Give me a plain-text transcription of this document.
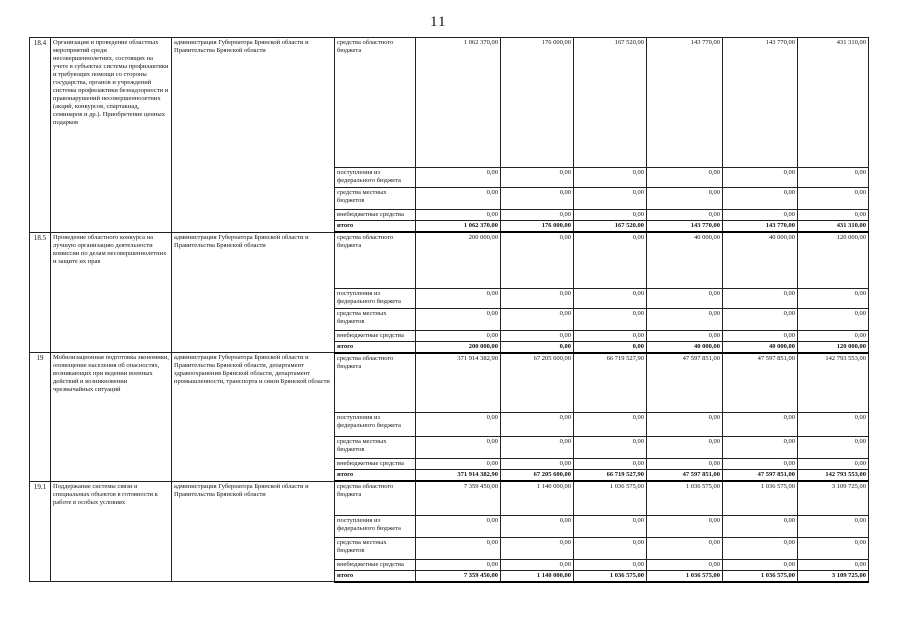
11
18.4	Организация и проведение областных мероприятий среди несовершеннолетних, состоящих на учете в субъектах системы профилактики и требующих помощи со стороны государства, органов и учреждений системы профилактики безнадзорности и правонарушений несовершеннолетних (акций, конкурсов, спартакиад, семинаров и др.). Приобретение ценных подарков	администрация Губернатора Брянской области и Правительства Брянской области	средства областного бюджета	1 062 370,00	176 000,00	167 520,00	143 770,00	143 770,00	431 310,00
			поступления из федерального бюджета	0,00	0,00	0,00	0,00	0,00	0,00
			средства местных бюджетов	0,00	0,00	0,00	0,00	0,00	0,00
			внебюджетные средства	0,00	0,00	0,00	0,00	0,00	0,00
			итого	1 062 370,00	176 000,00	167 520,00	143 770,00	143 770,00	431 310,00
18.5	Проведение областного конкурса на лучшую организацию деятельности комиссии по делам несовершеннолетних и защите их прав	администрация Губернатора Брянской области и Правительства Брянской области	средства областного бюджета	200 000,00	0,00	0,00	40 000,00	40 000,00	120 000,00
			поступления из федерального бюджета	0,00	0,00	0,00	0,00	0,00	0,00
			средства местных бюджетов	0,00	0,00	0,00	0,00	0,00	0,00
			внебюджетные средства	0,00	0,00	0,00	0,00	0,00	0,00
			итого	200 000,00	0,00	0,00	40 000,00	40 000,00	120 000,00
19	Мобилизационная подготовка экономики, оповещение населения об опасностях, возникающих при ведении военных действий и возникновении чрезвычайных ситуаций	администрация Губернатора Брянской области и Правительства Брянской области, департамент здравоохранения Брянской области, департамент промышленности, транспорта и связи Брянской области	средства областного бюджета	371 914 382,90	67 205 600,00	66 719 527,90	47 597 851,00	47 597 851,00	142 793 553,00
			поступления из федерального бюджета	0,00	0,00	0,00	0,00	0,00	0,00
			средства местных бюджетов	0,00	0,00	0,00	0,00	0,00	0,00
			внебюджетные средства	0,00	0,00	0,00	0,00	0,00	0,00
			итого	371 914 382,90	67 205 600,00	66 719 527,90	47 597 851,00	47 597 851,00	142 793 553,00
19.1	Поддержание системы связи и специальных объектов в готовности к работе в особых условиях	администрация Губернатора Брянской области и Правительства Брянской области	средства областного бюджета	7 359 450,00	1 140 000,00	1 036 575,00	1 036 575,00	1 036 575,00	3 109 725,00
			поступления из федерального бюджета	0,00	0,00	0,00	0,00	0,00	0,00
			средства местных бюджетов	0,00	0,00	0,00	0,00	0,00	0,00
			внебюджетные средства	0,00	0,00	0,00	0,00	0,00	0,00
			итого	7 359 450,00	1 140 000,00	1 036 575,00	1 036 575,00	1 036 575,00	3 109 725,00
